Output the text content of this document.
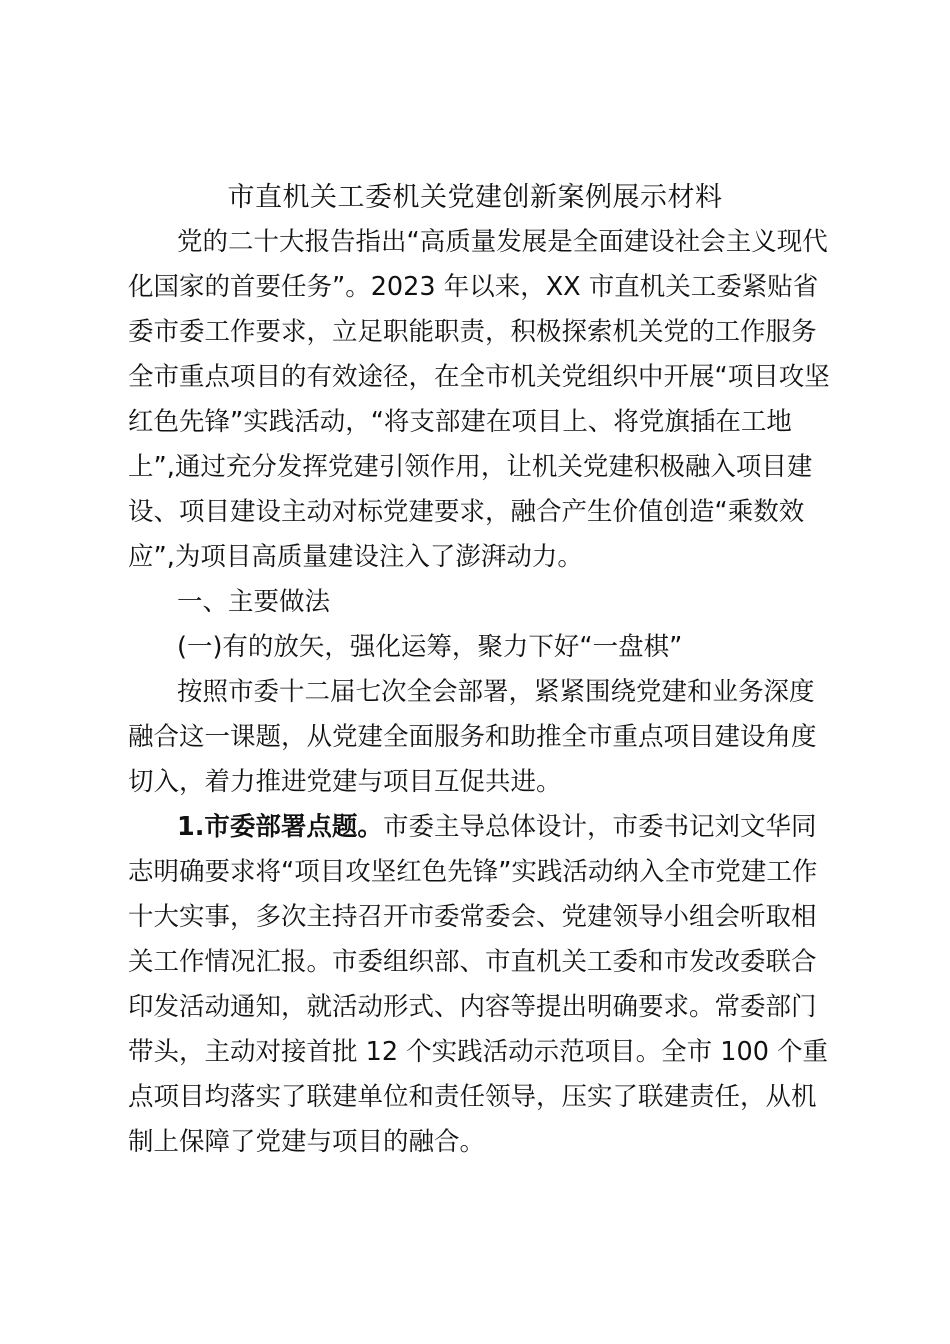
市直机关工委机关党建创新案例展示材料
党的二十大报告指出“高质量发展是全面建设社会主义现代
化国家的首要任务”。2023 年以来，XX 市直机关工委紧贴省
委市委工作要求，立足职能职责，积极探索机关党的工作服务
全市重点项目的有效途径，在全市机关党组织中开展“项目攻坚
红色先锋”实践活动，“将支部建在项目上、将党旗插在工地
上”,通过充分发挥党建引领作用，让机关党建积极融入项目建
设、项目建设主动对标党建要求，融合产生价值创造“乘数效
应”,为项目高质量建设注入了澎湃动力。
一、主要做法
(一)有的放矢，强化运筹，聚力下好“一盘棋”
按照市委十二届七次全会部署，紧紧围绕党建和业务深度
融合这一课题，从党建全面服务和助推全市重点项目建设角度
切入，着力推进党建与项目互促共进。
1.市委部署点题。市委主导总体设计，市委书记刘文华同
志明确要求将“项目攻坚红色先锋”实践活动纳入全市党建工作
十大实事，多次主持召开市委常委会、党建领导小组会听取相
关工作情况汇报。市委组织部、市直机关工委和市发改委联合
印发活动通知，就活动形式、内容等提出明确要求。常委部门
带头，主动对接首批 12 个实践活动示范项目。全市 100 个重
点项目均落实了联建单位和责任领导，压实了联建责任，从机
制上保障了党建与项目的融合。
